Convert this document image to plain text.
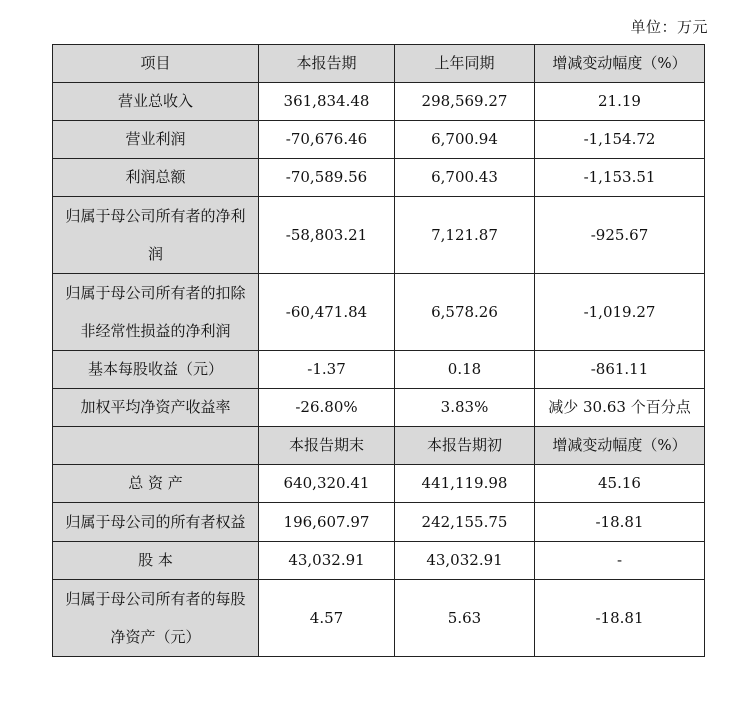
单位：万元
项目	本报告期	上年同期	增减变动幅度（%）
营业总收入	361,834.48	298,569.27	21.19
营业利润	-70,676.46	6,700.94	-1,154.72
利润总额	-70,589.56	6,700.43	-1,153.51
归属于母公司所有者的净利润	-58,803.21	7,121.87	-925.67
归属于母公司所有者的扣除非经常性损益的净利润	-60,471.84	6,578.26	-1,019.27
基本每股收益（元）	-1.37	0.18	-861.11
加权平均净资产收益率	-26.80%	3.83%	减少 30.63 个百分点
	本报告期末	本报告期初	增减变动幅度（%）
总 资 产	640,320.41	441,119.98	45.16
归属于母公司的所有者权益	196,607.97	242,155.75	-18.81
股 本	43,032.91	43,032.91	-
归属于母公司所有者的每股净资产（元）	4.57	5.63	-18.81
